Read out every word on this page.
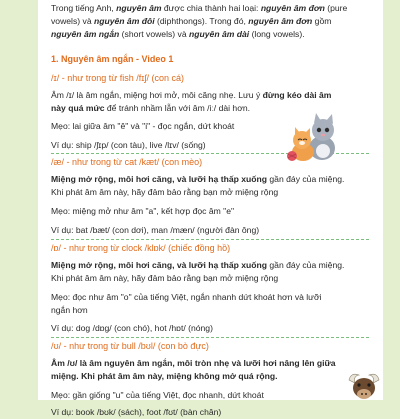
Trong tiếng Anh, nguyên âm được chia thành hai loại: nguyên âm đơn (pure
vowels) và nguyên âm đôi (diphthongs). Trong đó, nguyên âm đơn gồm
nguyên âm ngắn (short vowels) và nguyên âm dài (long vowels).
1. Nguyên âm ngắn - Video 1
/ɪ/ - như trong từ fish /fɪʃ/ (con cá)
Âm /ɪ/ là âm ngắn, miệng hơi mở, môi căng nhẹ. Lưu ý đừng kéo dài âm
này quá mức để tránh nhầm lẫn với âm /iː/ dài hơn.
Mẹo: lai giữa âm "ê" và "i" - đọc ngắn, dứt khoát
Ví dụ: ship /ʃɪp/ (con tàu), live /lɪv/ (sống)
/æ/ - như trong từ cat /kæt/ (con mèo)
Miệng mở rộng, môi hơi căng, và lưỡi hạ thấp xuống gần đáy của miệng.
Khi phát âm âm này, hãy đảm bảo rằng bạn mở miệng rộng
Mẹo: miệng mở như âm "a", kết hợp đọc âm "e"
Ví dụ: bat /bæt/ (con dơi), man /mæn/ (người đàn ông)
/ɒ/ - như trong từ clock /klɒk/ (chiếc đồng hồ)
Miệng mở rộng, môi hơi căng, và lưỡi hạ thấp xuống gần đáy của miệng.
Khi phát âm âm này, hãy đảm bảo rằng bạn mở miệng rộng
Mẹo: đọc như âm "o" của tiếng Việt, ngắn nhanh dứt khoát hơn và lưỡi
ngắn hơn
Ví dụ: dog /dɒɡ/ (con chó), hot /hɒt/ (nóng)
/ʊ/ - như trong từ bull /bʊl/ (con bò đực)
Âm /ʊ/ là âm nguyên âm ngắn, môi tròn nhẹ và lưỡi hơi nâng lên giữa
miệng. Khi phát âm âm này, miệng không mở quá rộng.
Mẹo: gần giống "u" của tiếng Việt, đọc nhanh, dứt khoát
Ví dụ: book /bʊk/ (sách), foot /fʊt/ (bàn chân)
